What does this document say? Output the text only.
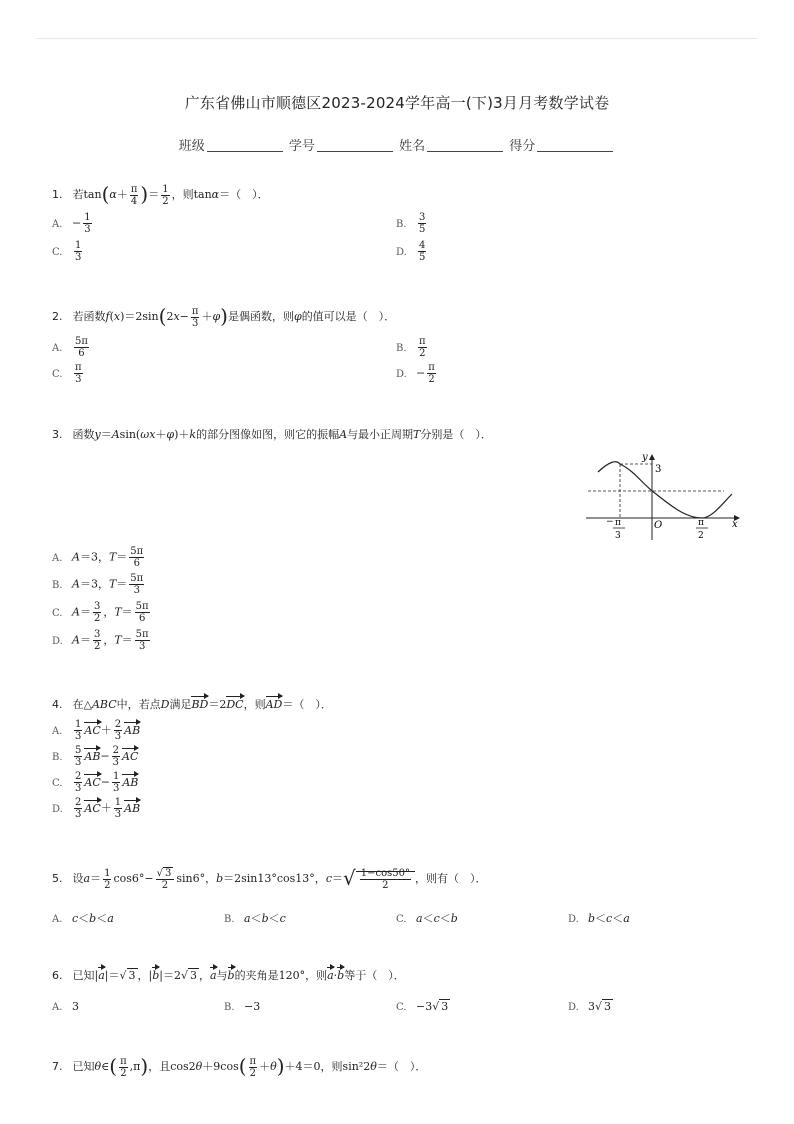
广东省佛山市顺德区2023-2024学年高一(下)3月月考数学试卷
班级	学号	姓名	得分
1. 若$\tan(\alpha+ \frac{\pi}{4}$ )＝ $\frac{1}{2}$ ，则tanα＝（　）．
A. − $\frac{1}{3}$	B. $\frac{3}{5}$
C. $\frac{1}{3}$	D. $\frac{4}{5}$
2. 若函数$f(x)=2\sin(2x- \frac{\pi}{3} +\varphi)$是偶函数，则φ的值可以是（　）．
A. $\frac{5\pi}{6}$	B. $\frac{\pi}{2}$
C. $\frac{\pi}{3}$	D. − $\frac{\pi}{2}$
3. 函数y＝Asin(ωx＋φ)＋k的部分图像如图，则它的振幅A与最小正周期T分别是（　）．
y
3
O	x
− π
3
π
2
A. A＝3，$T= \frac{5\pi}{6}$
B. A＝3，$T= \frac{5\pi}{3}$
C. $A= \frac{3}{2}$ ，$T= \frac{5\pi}{6}$
D. $A= \frac{3}{2}$ ，$T= \frac{5\pi}{3}$
4. 在△ABC中，若点D满足BD＝2DC，则AD＝（　）．
A. $\frac{1}{3} AC+ \frac{2}{3}$ AB
B. $\frac{5}{3} AB- \frac{2}{3}$ AC
C. $\frac{2}{3} AC- \frac{1}{3}$ AB
D. $\frac{2}{3} AC+ \frac{1}{3}$ AB
5. 设$a= \frac{1}{2} \cos 6^\circ- \frac{√ 3}{2} \sin 6^\circ$，b＝2sin13°cos13°，$c=√ \frac{1-\cos 50^\circ}{2}$ ，则有（　）．
A. c＜b＜a	B. a＜b＜c	C. a＜c＜b	D. b＜c＜a
6. 已知|a|＝√ 3 ，|b|＝2√ 3 ，a与b的夹角是120°，则a·b等于（　）．
A. 3	B. −3	C. −3√ 3	D. 3√ 3
7. 已知θ∈( $\frac{\pi}{2} ,\pi$)，且$\cos 2\theta+9\cos( \frac{\pi}{2} +\theta)+4=0$，则sin²2θ＝（　）．
